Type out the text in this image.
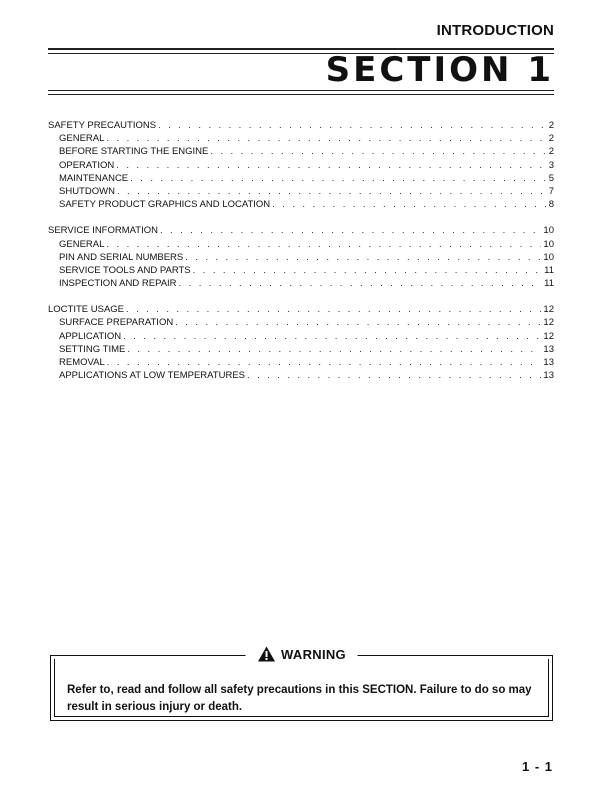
INTRODUCTION
SECTION 1
SAFETY PRECAUTIONS . . .	2
GENERAL . . .	2
BEFORE STARTING THE ENGINE . . .	2
OPERATION . . .	3
MAINTENANCE . . .	5
SHUTDOWN . . .	7
SAFETY PRODUCT GRAPHICS AND LOCATION . . .	8
SERVICE INFORMATION . . .	10
GENERAL . . .	10
PIN AND SERIAL NUMBERS . . .	10
SERVICE TOOLS AND PARTS . . .	11
INSPECTION AND REPAIR . . .	11
LOCTITE USAGE . . .	12
SURFACE PREPARATION . . .	12
APPLICATION . . .	12
SETTING TIME . . .	13
REMOVAL . . .	13
APPLICATIONS AT LOW TEMPERATURES . . .	13
WARNING
Refer to, read and follow all safety precautions in this SECTION. Failure to do so may result in serious injury or death.
1 - 1
